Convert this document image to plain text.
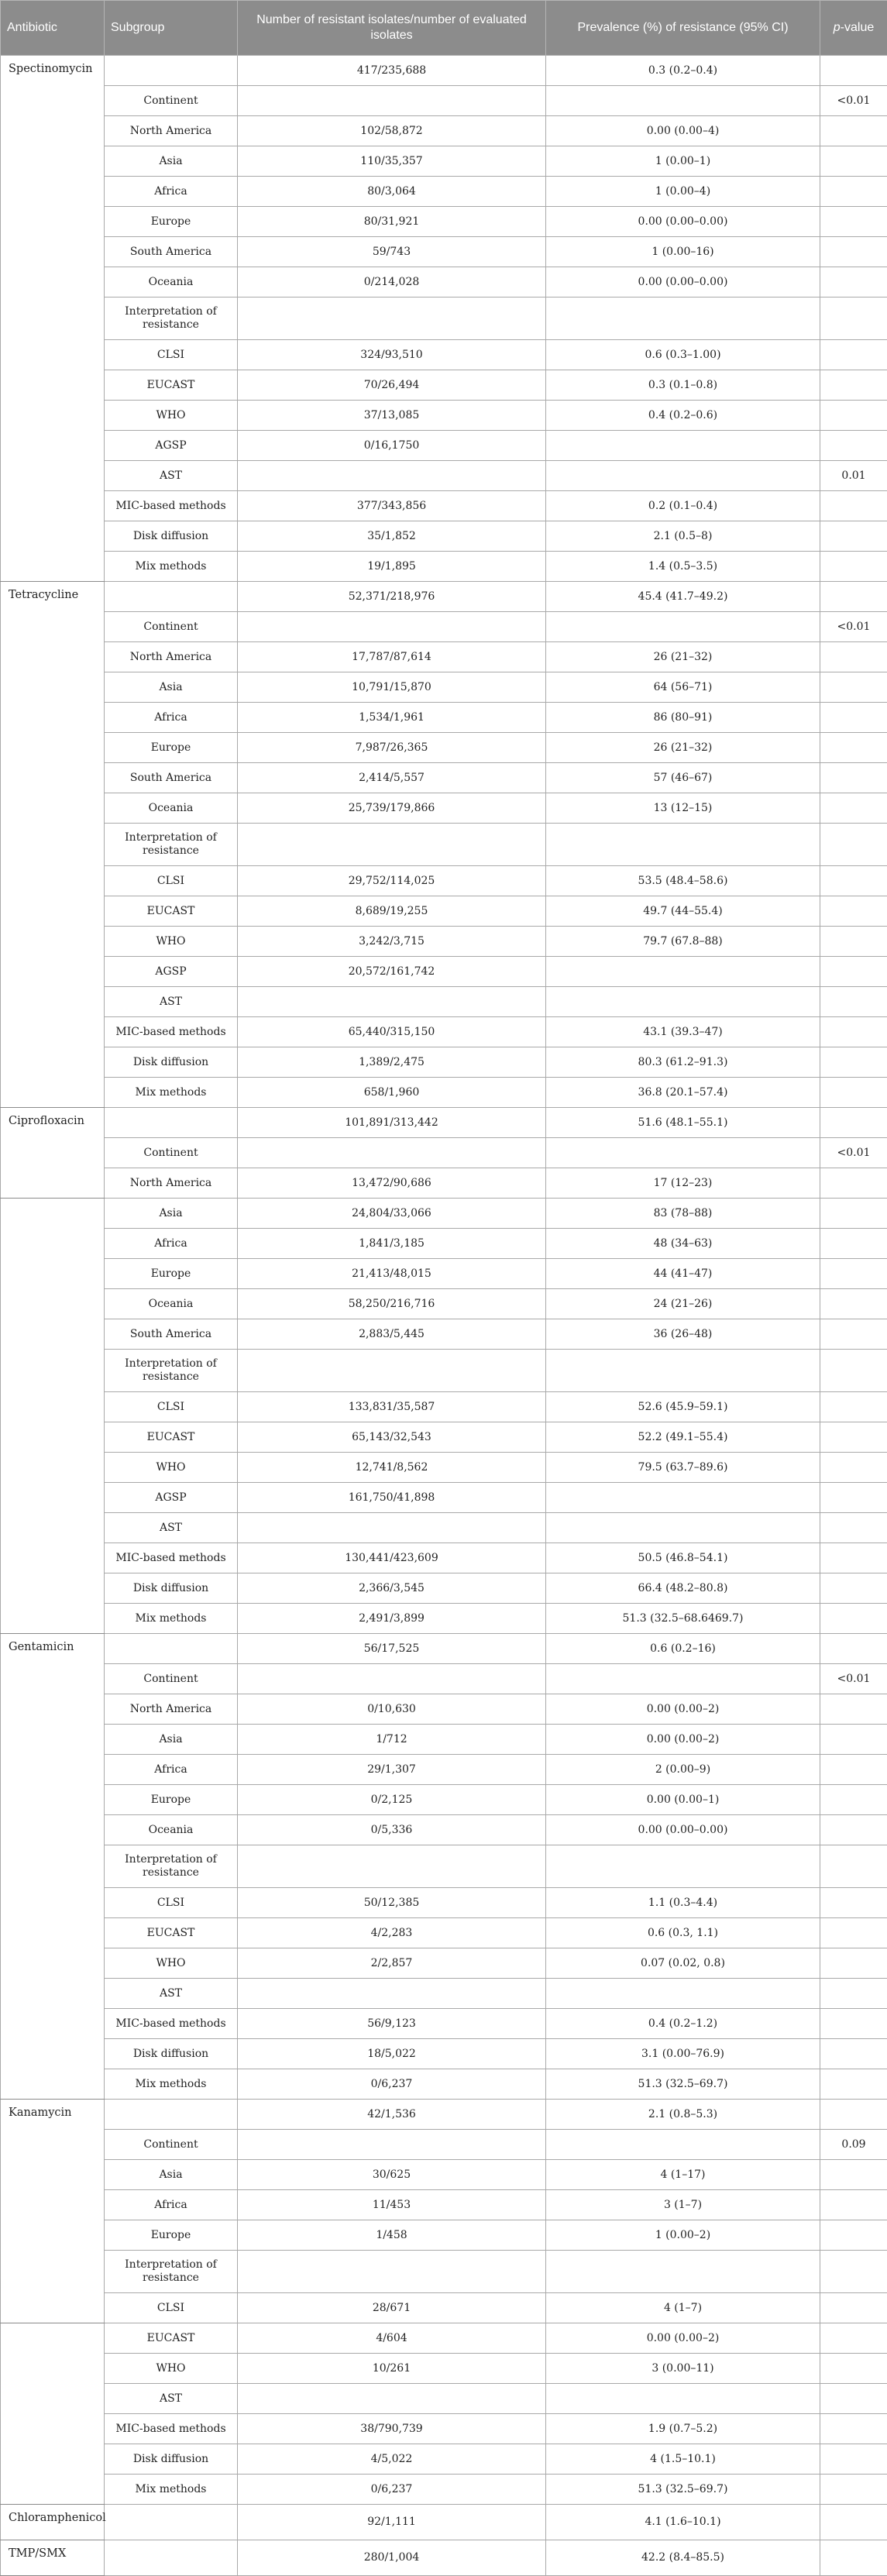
Antibiotic	Subgroup	Number of resistant isolates/number of evaluated isolates	Prevalence (%) of resistance (95% CI)	p-value
Spectinomycin		417/235,688	0.3 (0.2–0.4)	
	Continent			<0.01
	North America	102/58,872	0.00 (0.00–4)	
	Asia	110/35,357	1 (0.00–1)	
	Africa	80/3,064	1 (0.00–4)	
	Europe	80/31,921	0.00 (0.00–0.00)	
	South America	59/743	1 (0.00–16)	
	Oceania	0/214,028	0.00 (0.00–0.00)	
	Interpretation of resistance			
	CLSI	324/93,510	0.6 (0.3–1.00)	
	EUCAST	70/26,494	0.3 (0.1–0.8)	
	WHO	37/13,085	0.4 (0.2–0.6)	
	AGSP	0/16,1750		
	AST			0.01
	MIC-based methods	377/343,856	0.2 (0.1–0.4)	
	Disk diffusion	35/1,852	2.1 (0.5–8)	
	Mix methods	19/1,895	1.4 (0.5–3.5)	
Tetracycline		52,371/218,976	45.4 (41.7–49.2)	
	Continent			<0.01
	North America	17,787/87,614	26 (21–32)	
	Asia	10,791/15,870	64 (56–71)	
	Africa	1,534/1,961	86 (80–91)	
	Europe	7,987/26,365	26 (21–32)	
	South America	2,414/5,557	57 (46–67)	
	Oceania	25,739/179,866	13 (12–15)	
	Interpretation of resistance			
	CLSI	29,752/114,025	53.5 (48.4–58.6)	
	EUCAST	8,689/19,255	49.7 (44–55.4)	
	WHO	3,242/3,715	79.7 (67.8–88)	
	AGSP	20,572/161,742		
	AST			
	MIC-based methods	65,440/315,150	43.1 (39.3–47)	
	Disk diffusion	1,389/2,475	80.3 (61.2–91.3)	
	Mix methods	658/1,960	36.8 (20.1–57.4)	
Ciprofloxacin		101,891/313,442	51.6 (48.1–55.1)	
	Continent			<0.01
	North America	13,472/90,686	17 (12–23)	
	Asia	24,804/33,066	83 (78–88)	
	Africa	1,841/3,185	48 (34–63)	
	Europe	21,413/48,015	44 (41–47)	
	Oceania	58,250/216,716	24 (21–26)	
	South America	2,883/5,445	36 (26–48)	
	Interpretation of resistance			
	CLSI	133,831/35,587	52.6 (45.9–59.1)	
	EUCAST	65,143/32,543	52.2 (49.1–55.4)	
	WHO	12,741/8,562	79.5 (63.7–89.6)	
	AGSP	161,750/41,898		
	AST			
	MIC-based methods	130,441/423,609	50.5 (46.8–54.1)	
	Disk diffusion	2,366/3,545	66.4 (48.2–80.8)	
	Mix methods	2,491/3,899	51.3 (32.5–68.6469.7)	
Gentamicin		56/17,525	0.6 (0.2–16)	
	Continent			<0.01
	North America	0/10,630	0.00 (0.00–2)	
	Asia	1/712	0.00 (0.00–2)	
	Africa	29/1,307	2 (0.00–9)	
	Europe	0/2,125	0.00 (0.00–1)	
	Oceania	0/5,336	0.00 (0.00–0.00)	
	Interpretation of resistance			
	CLSI	50/12,385	1.1 (0.3–4.4)	
	EUCAST	4/2,283	0.6 (0.3, 1.1)	
	WHO	2/2,857	0.07 (0.02, 0.8)	
	AST			
	MIC-based methods	56/9,123	0.4 (0.2–1.2)	
	Disk diffusion	18/5,022	3.1 (0.00–76.9)	
	Mix methods	0/6,237	51.3 (32.5–69.7)	
Kanamycin		42/1,536	2.1 (0.8–5.3)	
	Continent			0.09
	Asia	30/625	4 (1–17)	
	Africa	11/453	3 (1–7)	
	Europe	1/458	1 (0.00–2)	
	Interpretation of resistance			
	CLSI	28/671	4 (1–7)	
	EUCAST	4/604	0.00 (0.00–2)	
	WHO	10/261	3 (0.00–11)	
	AST			
	MIC-based methods	38/790,739	1.9 (0.7–5.2)	
	Disk diffusion	4/5,022	4 (1.5–10.1)	
	Mix methods	0/6,237	51.3 (32.5–69.7)	
Chloramphenicol		92/1,111	4.1 (1.6–10.1)	
TMP/SMX		280/1,004	42.2 (8.4–85.5)	
